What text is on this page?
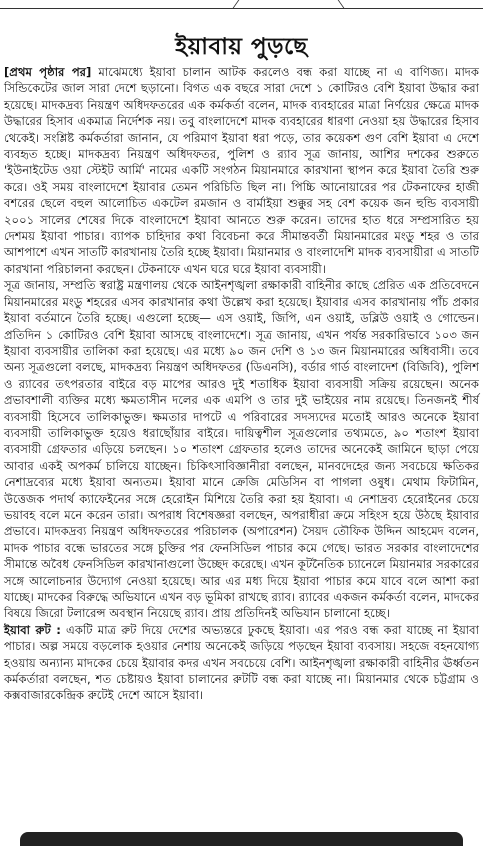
ইয়াবায় পুড়ছে

[প্রথম পৃষ্ঠার পর] মাঝেমধ্যে ইয়াবা চালান আটক করলেও বন্ধ করা যাচ্ছে না এ বাণিজ্য। মাদক সিন্ডিকেটের জাল সারা দেশে ছড়ানো। বিগত এক বছরে সারা দেশে ১ কোটিরও বেশি ইয়াবা উদ্ধার করা হয়েছে। মাদকদ্রব্য নিয়ন্ত্রণ অধিদফতরের এক কর্মকর্তা বলেন, মাদক ব্যবহারের মাত্রা নির্ণয়ের ক্ষেত্রে মাদক উদ্ধারের হিসাব একমাত্র নির্দেশক নয়। তবু বাংলাদেশে মাদক ব্যবহারের ধারণা নেওয়া হয় উদ্ধারের হিসাব থেকেই। সংশ্লিষ্ট কর্মকর্তারা জানান, যে পরিমাণ ইয়াবা ধরা পড়ে, তার কয়েকশ গুণ বেশি ইয়াবা এ দেশে ব্যবহৃত হচ্ছে। মাদকদ্রব্য নিয়ন্ত্রণ অধিদফতর, পুলিশ ও র‌্যাব সূত্র জানায়, আশির দশকের শুরুতে 'ইউনাইটেড ওয়া স্টেইট আর্মি' নামের একটি সংগঠন মিয়ানমারে কারখানা স্থাপন করে ইয়াবা তৈরি শুরু করে। ওই সময় বাংলাদেশে ইয়াবার তেমন পরিচিতি ছিল না। পিচ্চি আনোয়ারের পর টেকনাফের হাজী বশরের ছেলে বহুল আলোচিত একটেল রমজান ও বার্মাইয়া শুক্কুর সহ বেশ কয়েক জন হুন্ডি ব্যবসায়ী ২০০১ সালের শেষের দিকে বাংলাদেশে ইয়াবা আনতে শুরু করেন। তাদের হাত ধরে সম্প্রসারিত হয় দেশময় ইয়াবা পাচার। ব্যাপক চাহিদার কথা বিবেচনা করে সীমান্তবর্তী মিয়ানমারের মংডু শহর ও তার আশপাশে এখন সাতটি কারখানায় তৈরি হচ্ছে ইয়াবা। মিয়ানমার ও বাংলাদেশি মাদক ব্যবসায়ীরা এ সাতটি কারখানা পরিচালনা করছেন। টেকনাফে এখন ঘরে ঘরে ইয়াবা ব্যবসায়ী।

সূত্র জানায়, সম্প্রতি স্বরাষ্ট্র মন্ত্রণালয় থেকে আইনশৃঙ্খলা রক্ষাকারী বাহিনীর কাছে প্রেরিত এক প্রতিবেদনে মিয়ানমারের মংডু শহরের এসব কারখানার কথা উল্লেখ করা হয়েছে। ইয়াবার এসব কারখানায় পাঁচ প্রকার ইয়াবা বর্তমানে তৈরি হচ্ছে। এগুলো হচ্ছে— এস ওয়াই, জিপি, এন ওয়াই, ডব্লিউ ওয়াই ও গোল্ডেন। প্রতিদিন ১ কোটিরও বেশি ইয়াবা আসছে বাংলাদেশে। সূত্র জানায়, এখন পর্যন্ত সরকারিভাবে ১০৩ জন ইয়াবা ব্যবসায়ীর তালিকা করা হয়েছে। এর মধ্যে ৯০ জন দেশি ও ১৩ জন মিয়ানমারের অধিবাসী। তবে অন্য সূত্রগুলো বলছে, মাদকদ্রব্য নিয়ন্ত্রণ অধিদফতর (ডিএনসি), বর্ডার গার্ড বাংলাদেশ (বিজিবি), পুলিশ ও র‌্যাবের তৎপরতার বাইরে বড় মাপের আরও দুই শতাধিক ইয়াবা ব্যবসায়ী সক্রিয় রয়েছেন। অনেক প্রভাবশালী ব্যক্তির মধ্যে ক্ষমতাসীন দলের এক এমপি ও তার দুই ভাইয়ের নাম রয়েছে। তিনজনই শীর্ষ ব্যবসায়ী হিসেবে তালিকাভুক্ত। ক্ষমতার দাপটে এ পরিবারের সদস্যদের মতোই আরও অনেকে ইয়াবা ব্যবসায়ী তালিকাভুক্ত হয়েও ধরাছোঁয়ার বাইরে। দায়িত্বশীল সূত্রগুলোর তথ্যমতে, ৯০ শতাংশ ইয়াবা ব্যবসায়ী গ্রেফতার এড়িয়ে চলছেন। ১০ শতাংশ গ্রেফতার হলেও তাদের অনেকেই জামিনে ছাড়া পেয়ে আবার একই অপকর্ম চালিয়ে যাচ্ছেন। চিকিৎসাবিজ্ঞানীরা বলছেন, মানবদেহের জন্য সবচেয়ে ক্ষতিকর নেশাদ্রব্যের মধ্যে ইয়াবা অন্যতম। ইয়াবা মানে ক্রেজি মেডিসিন বা পাগলা ওষুধ। মেথাম ফিটামিন, উত্তেজক পদার্থ ক্যাফেইনের সঙ্গে হেরোইন মিশিয়ে তৈরি করা হয় ইয়াবা। এ নেশাদ্রব্য হেরোইনের চেয়ে ভয়াবহ বলে মনে করেন তারা। অপরাধ বিশেষজ্ঞরা বলছেন, অপরাধীরা ক্রমে সহিংস হয়ে উঠছে ইয়াবার প্রভাবে। মাদকদ্রব্য নিয়ন্ত্রণ অধিদফতরের পরিচালক (অপারেশন) সৈয়দ তৌফিক উদ্দিন আহমেদ বলেন, মাদক পাচার বন্ধে ভারতের সঙ্গে চুক্তির পর ফেনসিডিল পাচার কমে গেছে। ভারত সরকার বাংলাদেশের সীমান্তে অবৈধ ফেনসিডিল কারখানাগুলো উচ্ছেদ করেছে। এখন কূটনৈতিক চ্যানেলে মিয়ানমার সরকারের সঙ্গে আলোচনার উদ্যোগ নেওয়া হয়েছে। আর এর মধ্য দিয়ে ইয়াবা পাচার কমে যাবে বলে আশা করা যাচ্ছে। মাদকের বিরুদ্ধে অভিযানে এখন বড় ভূমিকা রাখছে র‌্যাব। র‌্যাবের একজন কর্মকর্তা বলেন, মাদকের বিষয়ে জিরো টলারেন্স অবস্থান নিয়েছে র‌্যাব। প্রায় প্রতিদিনই অভিযান চালানো হচ্ছে।

ইয়াবা রুট : একটি মাত্র রুট দিয়ে দেশের অভ্যন্তরে ঢুকছে ইয়াবা। এর পরও বন্ধ করা যাচ্ছে না ইয়াবা পাচার। অল্প সময়ে বড়লোক হওয়ার নেশায় অনেকেই জড়িয়ে পড়ছেন ইয়াবা ব্যবসায়। সহজে বহনযোগ্য হওয়ায় অন্যান্য মাদকের চেয়ে ইয়াবার কদর এখন সবচেয়ে বেশি। আইনশৃঙ্খলা রক্ষাকারী বাহিনীর ঊর্ধ্বতন কর্মকর্তারা বলছেন, শত চেষ্টায়ও ইয়াবা চালানের রুটটি বন্ধ করা যাচ্ছে না। মিয়ানমার থেকে চট্টগ্রাম ও কক্সবাজারকেন্দ্রিক রুটেই দেশে আসে ইয়াবা।
